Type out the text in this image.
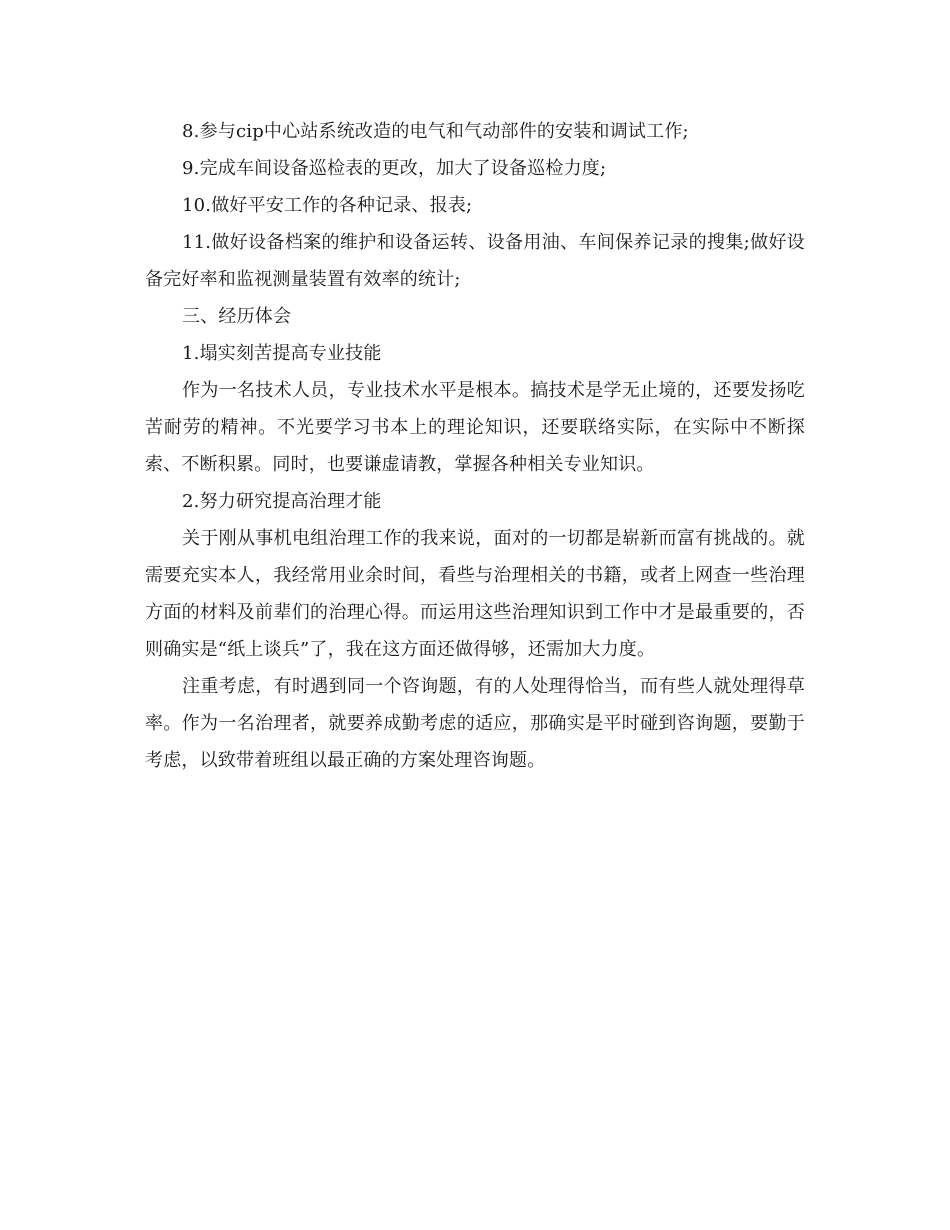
8.参与cip中心站系统改造的电气和气动部件的安装和调试工作;

9.完成车间设备巡检表的更改，加大了设备巡检力度;

10.做好平安工作的各种记录、报表;

11.做好设备档案的维护和设备运转、设备用油、车间保养记录的搜集;做好设备完好率和监视测量装置有效率的统计;

三、经历体会

1.塌实刻苦提高专业技能

作为一名技术人员，专业技术水平是根本。搞技术是学无止境的，还要发扬吃苦耐劳的精神。不光要学习书本上的理论知识，还要联络实际，在实际中不断探索、不断积累。同时，也要谦虚请教，掌握各种相关专业知识。

2.努力研究提高治理才能

关于刚从事机电组治理工作的我来说，面对的一切都是崭新而富有挑战的。就需要充实本人，我经常用业余时间，看些与治理相关的书籍，或者上网查一些治理方面的材料及前辈们的治理心得。而运用这些治理知识到工作中才是最重要的，否则确实是“纸上谈兵”了，我在这方面还做得够，还需加大力度。

注重考虑，有时遇到同一个咨询题，有的人处理得恰当，而有些人就处理得草率。作为一名治理者，就要养成勤考虑的适应，那确实是平时碰到咨询题，要勤于考虑，以致带着班组以最正确的方案处理咨询题。
